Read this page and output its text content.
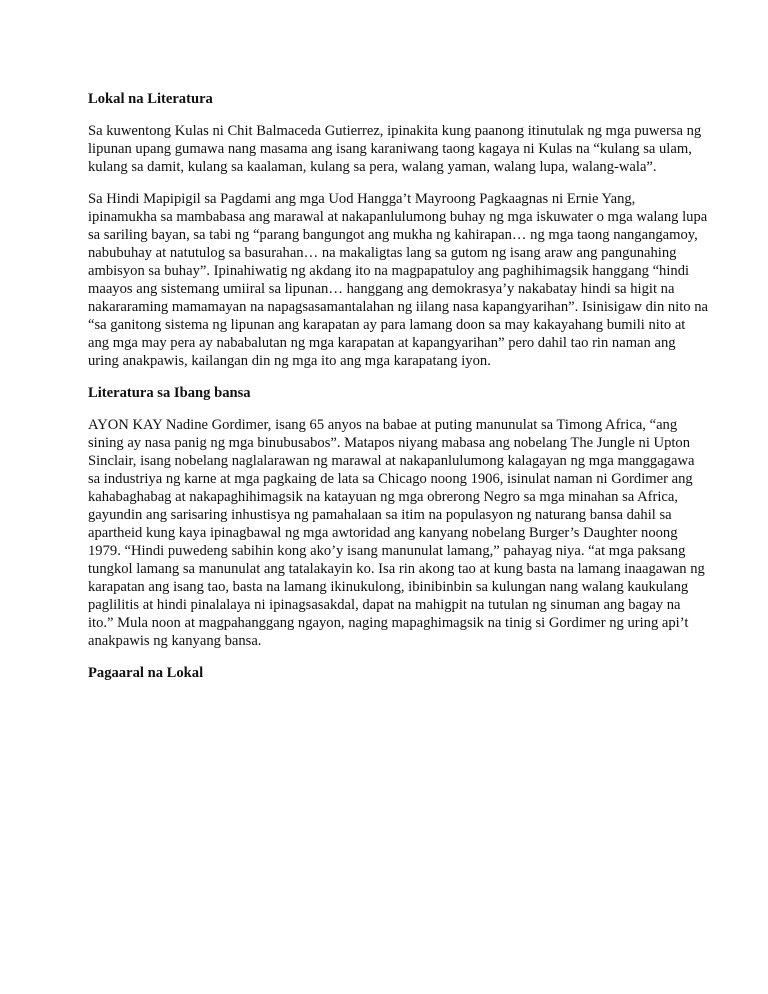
Lokal na Literatura

Sa kuwentong Kulas ni Chit Balmaceda Gutierrez, ipinakita kung paanong itinutulak ng mga puwersa ng
lipunan upang gumawa nang masama ang isang karaniwang taong kagaya ni Kulas na “kulang sa ulam,
kulang sa damit, kulang sa kaalaman, kulang sa pera, walang yaman, walang lupa, walang-wala”.

Sa Hindi Mapipigil sa Pagdami ang mga Uod Hangga’t Mayroong Pagkaagnas ni Ernie Yang,
ipinamukha sa mambabasa ang marawal at nakapanlulumong buhay ng mga iskuwater o mga walang lupa
sa sariling bayan, sa tabi ng “parang bangungot ang mukha ng kahirapan… ng mga taong nangangamoy,
nabubuhay at natutulog sa basurahan… na makaligtas lang sa gutom ng isang araw ang pangunahing
ambisyon sa buhay”. Ipinahiwatig ng akdang ito na magpapatuloy ang paghihimagsik hanggang “hindi
maayos ang sistemang umiiral sa lipunan… hanggang ang demokrasya’y nakabatay hindi sa higit na
nakararaming mamamayan na napagsasamantalahan ng iilang nasa kapangyarihan”. Isinisigaw din nito na
“sa ganitong sistema ng lipunan ang karapatan ay para lamang doon sa may kakayahang bumili nito at
ang mga may pera ay nababalutan ng mga karapatan at kapangyarihan” pero dahil tao rin naman ang
uring anakpawis, kailangan din ng mga ito ang mga karapatang iyon.

Literatura sa Ibang bansa

AYON KAY Nadine Gordimer, isang 65 anyos na babae at puting manunulat sa Timong Africa, “ang
sining ay nasa panig ng mga binubusabos”. Matapos niyang mabasa ang nobelang The Jungle ni Upton
Sinclair, isang nobelang naglalarawan ng marawal at nakapanlulumong kalagayan ng mga manggagawa
sa industriya ng karne at mga pagkaing de lata sa Chicago noong 1906, isinulat naman ni Gordimer ang
kahabaghabag at nakapaghihimagsik na katayuan ng mga obrerong Negro sa mga minahan sa Africa,
gayundin ang sarisaring inhustisya ng pamahalaan sa itim na populasyon ng naturang bansa dahil sa
apartheid kung kaya ipinagbawal ng mga awtoridad ang kanyang nobelang Burger’s Daughter noong
1979. “Hindi puwedeng sabihin kong ako’y isang manunulat lamang,” pahayag niya. “at mga paksang
tungkol lamang sa manunulat ang tatalakayin ko. Isa rin akong tao at kung basta na lamang inaagawan ng
karapatan ang isang tao, basta na lamang ikinukulong, ibinibinbin sa kulungan nang walang kaukulang
paglilitis at hindi pinalalaya ni ipinagsasakdal, dapat na mahigpit na tutulan ng sinuman ang bagay na
ito.” Mula noon at magpahanggang ngayon, naging mapaghimagsik na tinig si Gordimer ng uring api’t
anakpawis ng kanyang bansa.

Pagaaral na Lokal
